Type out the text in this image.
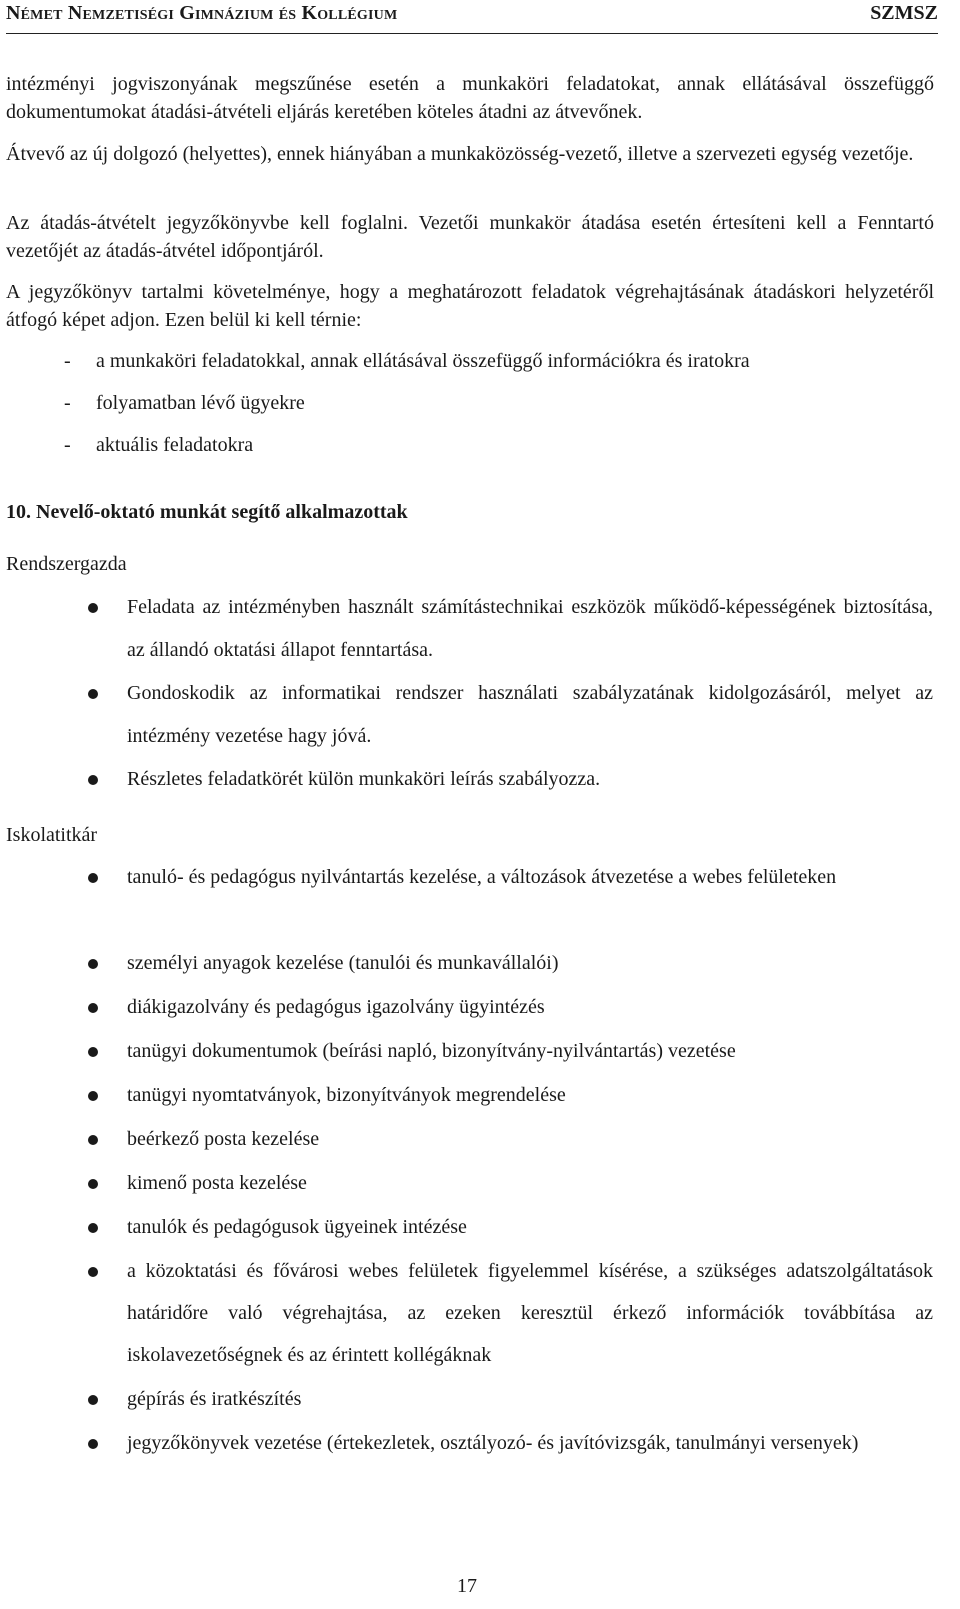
Német Nemzetiségi Gimnázium és Kollégium	SZMSZ

intézményi jogviszonyának megszűnése esetén a munkaköri feladatokat, annak ellátásával összefüggő dokumentumokat átadási-átvételi eljárás keretében köteles átadni az átvevőnek.

Átvevő az új dolgozó (helyettes), ennek hiányában a munkaközösség-vezető, illetve a szervezeti egység vezetője.

Az átadás-átvételt jegyzőkönyvbe kell foglalni. Vezetői munkakör átadása esetén értesíteni kell a Fenntartó vezetőjét az átadás-átvétel időpontjáról.

A jegyzőkönyv tartalmi követelménye, hogy a meghatározott feladatok végrehajtásának átadáskori helyzetéről átfogó képet adjon. Ezen belül ki kell térnie:

- a munkaköri feladatokkal, annak ellátásával összefüggő információkra és iratokra
- folyamatban lévő ügyekre
- aktuális feladatokra
10. Nevelő-oktató munkát segítő alkalmazottak
Rendszergazda
Feladata az intézményben használt számítástechnikai eszközök működő-képességének biztosítása, az állandó oktatási állapot fenntartása.
Gondoskodik az informatikai rendszer használati szabályzatának kidolgozásáról, melyet az intézmény vezetése hagy jóvá.
Részletes feladatkörét külön munkaköri leírás szabályozza.
Iskolatitkár
tanuló- és pedagógus nyilvántartás kezelése, a változások átvezetése a webes felületeken
személyi anyagok kezelése (tanulói és munkavállalói)
diákigazolvány és pedagógus igazolvány ügyintézés
tanügyi dokumentumok (beírási napló, bizonyítvány-nyilvántartás) vezetése
tanügyi nyomtatványok, bizonyítványok megrendelése
beérkező posta kezelése
kimenő posta kezelése
tanulók és pedagógusok ügyeinek intézése
a közoktatási és fővárosi webes felületek figyelemmel kísérése, a szükséges adatszolgáltatások határidőre való végrehajtása, az ezeken keresztül érkező információk továbbítása az iskolavezetőségnek és az érintett kollégáknak
gépírás és iratkészítés
jegyzőkönyvek vezetése (értekezletek, osztályozó- és javítóvizsgák, tanulmányi versenyek)
17
